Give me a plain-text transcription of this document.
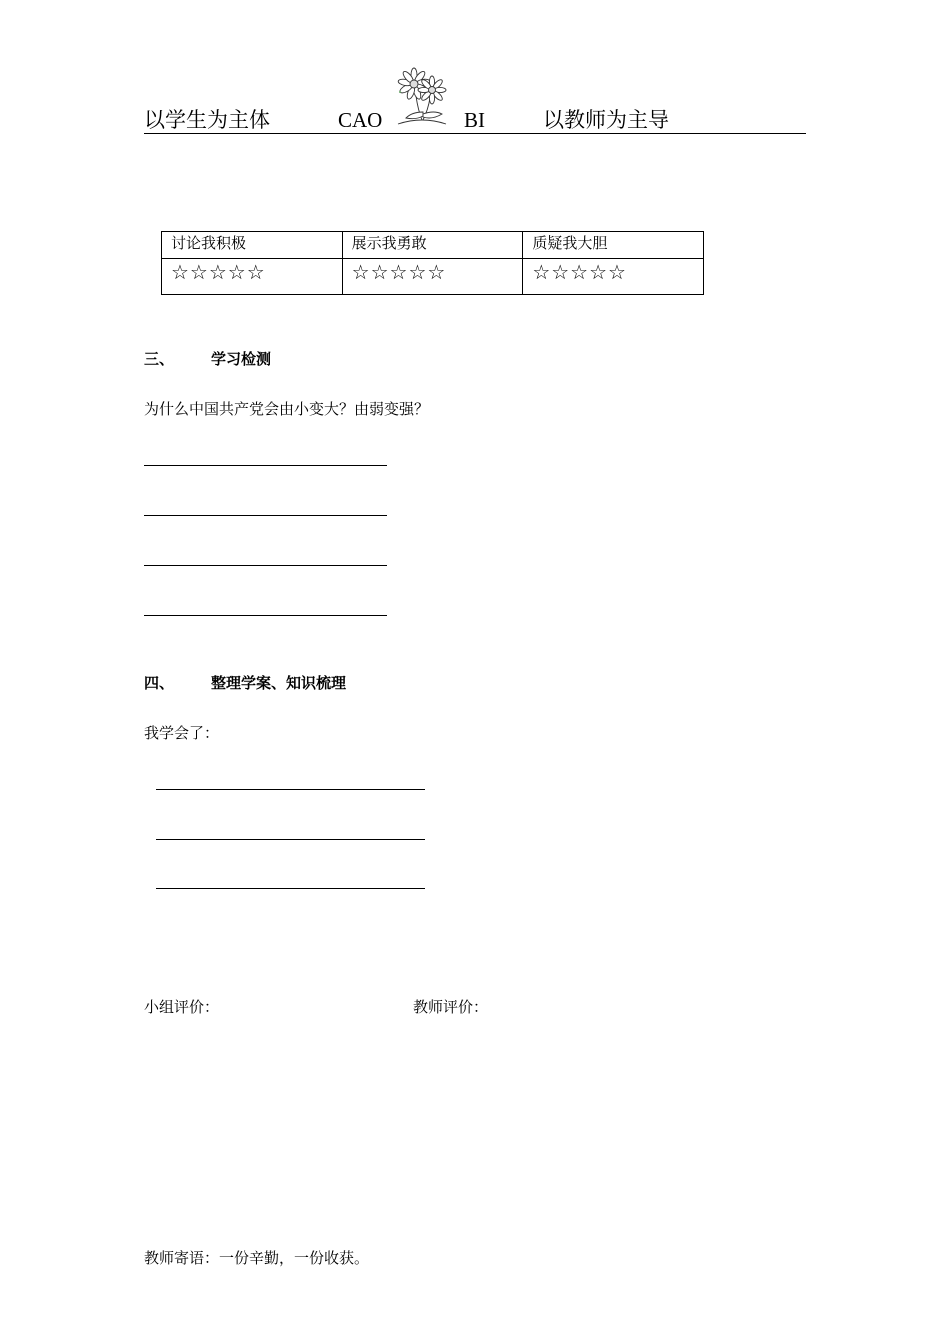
以学生为主体	CAO	BI	以教师为主导
讨论我积极	展示我勇敢	质疑我大胆
☆☆☆☆☆	☆☆☆☆☆	☆☆☆☆☆
三、 学习检测
为什么中国共产党会由小变大？由弱变强？
四、 整理学案、知识梳理
我学会了：
小组评价：	教师评价：
教师寄语：一份辛勤，一份收获。
